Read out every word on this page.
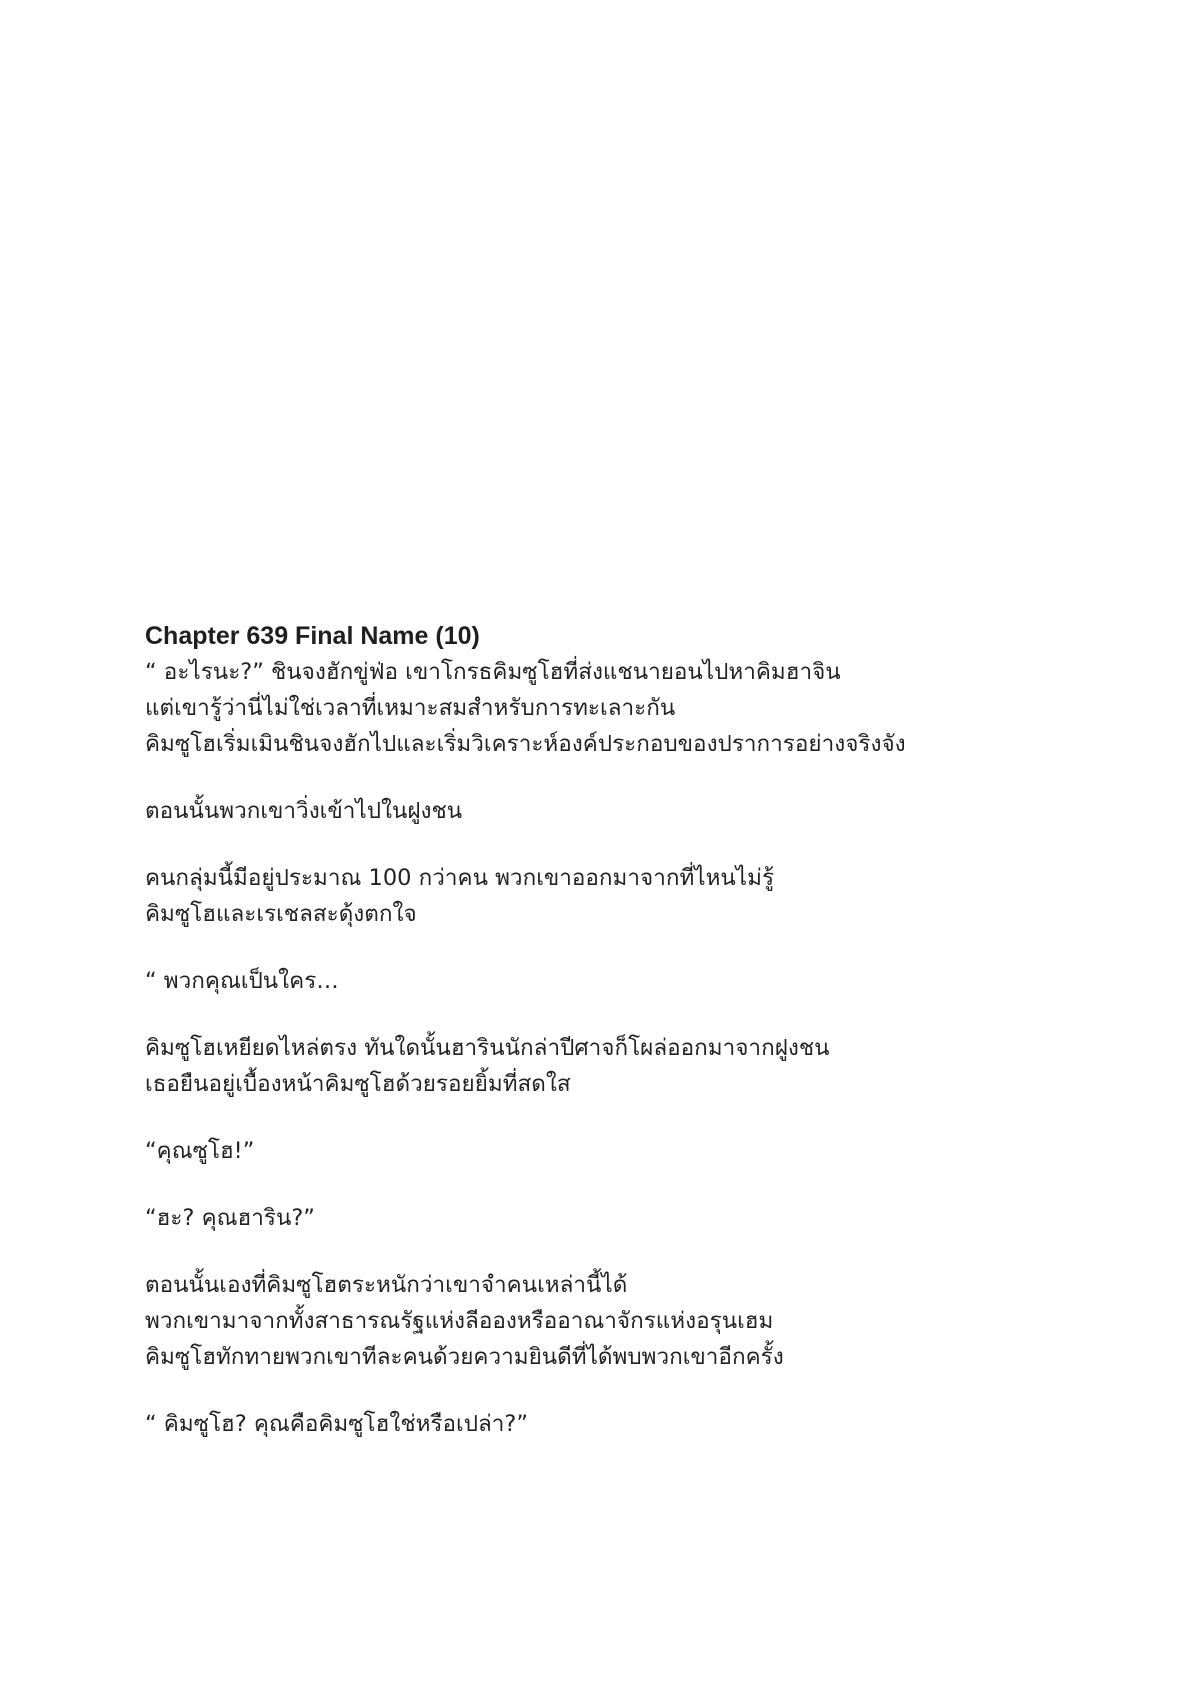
Chapter 639 Final Name (10)
“ อะไรนะ?” ชินจงฮักขู่ฟ่อ เขาโกรธคิมซูโฮที่ส่งแชนายอนไปหาคิมฮาจิน
แต่เขารู้ว่านี่ไม่ใช่เวลาที่เหมาะสมสำหรับการทะเลาะกัน
คิมซูโฮเริ่มเมินชินจงฮักไปและเริ่มวิเคราะห์องค์ประกอบของปราการอย่างจริงจัง
ตอนนั้นพวกเขาวิ่งเข้าไปในฝูงชน
คนกลุ่มนี้มีอยู่ประมาณ 100 กว่าคน พวกเขาออกมาจากที่ไหนไม่รู้
คิมซูโฮและเรเชลสะดุ้งตกใจ
“ พวกคุณเป็นใคร…
คิมซูโฮเหยียดไหล่ตรง ทันใดนั้นฮารินนักล่าปีศาจก็โผล่ออกมาจากฝูงชน
เธอยืนอยู่เบื้องหน้าคิมซูโฮด้วยรอยยิ้มที่สดใส
“คุณซูโฮ!”
“ฮะ? คุณฮาริน?”
ตอนนั้นเองที่คิมซูโฮตระหนักว่าเขาจำคนเหล่านี้ได้
พวกเขามาจากทั้งสาธารณรัฐแห่งลีอองหรืออาณาจักรแห่งอรุนเฮม
คิมซูโฮทักทายพวกเขาทีละคนด้วยความยินดีที่ได้พบพวกเขาอีกครั้ง
“ คิมซูโฮ? คุณคือคิมซูโฮใช่หรือเปล่า?”
